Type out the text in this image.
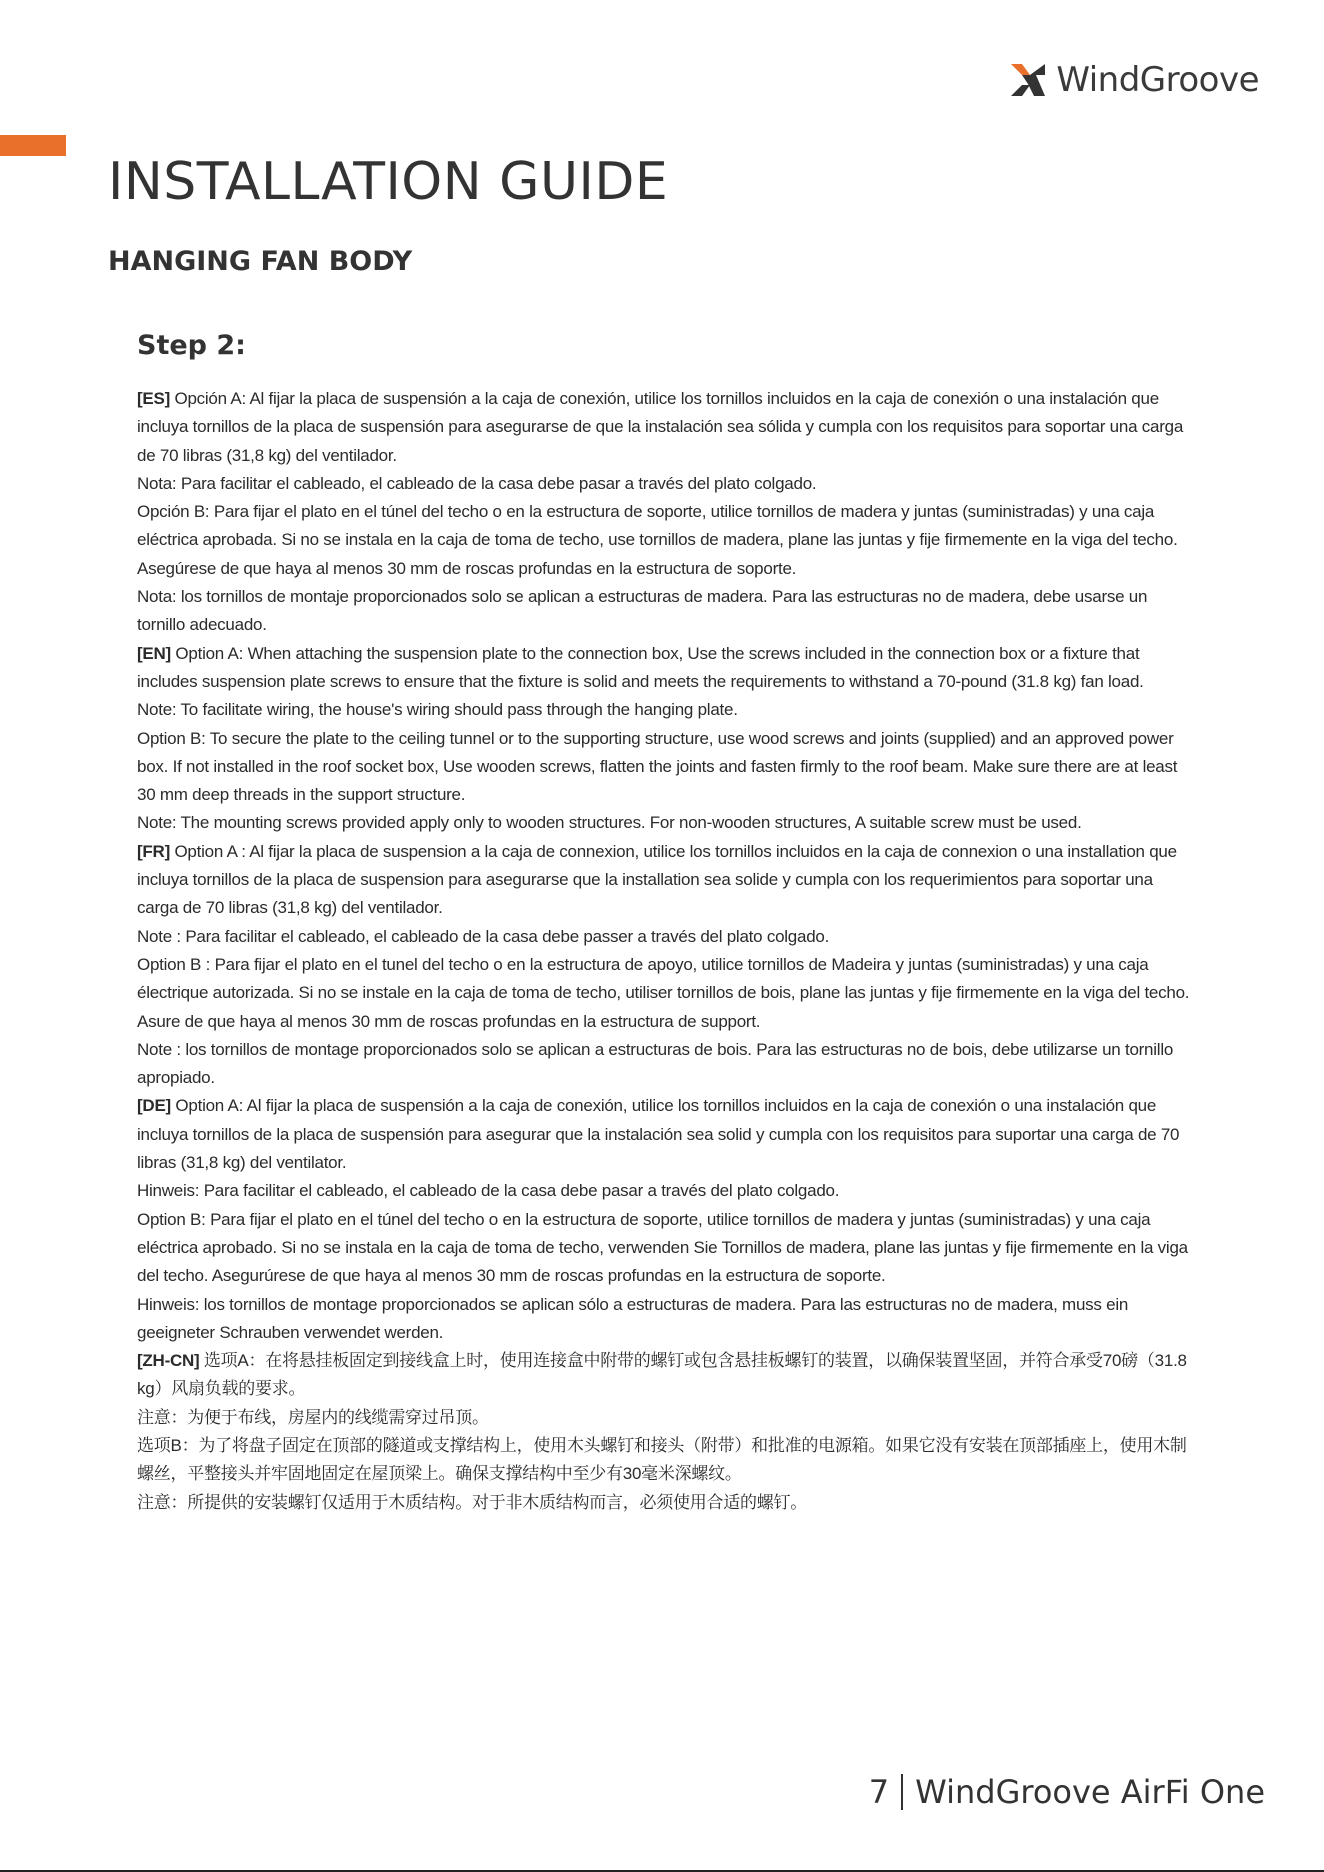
WindGroove
INSTALLATION GUIDE
HANGING FAN BODY
Step 2:

[ES] Opción A: Al fijar la placa de suspensión a la caja de conexión, utilice los tornillos incluidos en la caja de conexión o una instalación que incluya tornillos de la placa de suspensión para asegurarse de que la instalación sea sólida y cumpla con los requisitos para soportar una carga de 70 libras (31,8 kg) del ventilador.

Nota: Para facilitar el cableado, el cableado de la casa debe pasar a través del plato colgado.

Opción B: Para fijar el plato en el túnel del techo o en la estructura de soporte, utilice tornillos de madera y juntas (suministradas) y una caja eléctrica aprobada. Si no se instala en la caja de toma de techo, use tornillos de madera, plane las juntas y fije firmemente en la viga del techo. Asegúrese de que haya al menos 30 mm de roscas profundas en la estructura de soporte.

Nota: los tornillos de montaje proporcionados solo se aplican a estructuras de madera. Para las estructuras no de madera, debe usarse un tornillo adecuado.

[EN] Option A: When attaching the suspension plate to the connection box, Use the screws included in the connection box or a fixture that includes suspension plate screws to ensure that the fixture is solid and meets the requirements to withstand a 70-pound (31.8 kg) fan load.

Note: To facilitate wiring, the house's wiring should pass through the hanging plate.

Option B: To secure the plate to the ceiling tunnel or to the supporting structure, use wood screws and joints (supplied) and an approved power box. If not installed in the roof socket box, Use wooden screws, flatten the joints and fasten firmly to the roof beam. Make sure there are at least 30 mm deep threads in the support structure.

Note: The mounting screws provided apply only to wooden structures. For non-wooden structures, A suitable screw must be used.

[FR] Option A : Al fijar la placa de suspension a la caja de connexion, utilice los tornillos incluidos en la caja de connexion o una installation que incluya tornillos de la placa de suspension para asegurarse que la installation sea solide y cumpla con los requerimientos para soportar una carga de 70 libras (31,8 kg) del ventilador.

Note : Para facilitar el cableado, el cableado de la casa debe passer a través del plato colgado.

Option B : Para fijar el plato en el tunel del techo o en la estructura de apoyo, utilice tornillos de Madeira y juntas (suministradas) y una caja électrique autorizada. Si no se instale en la caja de toma de techo, utiliser tornillos de bois, plane las juntas y fije firmemente en la viga del techo. Asure de que haya al menos 30 mm de roscas profundas en la estructura de support.

Note : los tornillos de montage proporcionados solo se aplican a estructuras de bois. Para las estructuras no de bois, debe utilizarse un tornillo apropiado.

[DE] Option A: Al fijar la placa de suspensión a la caja de conexión, utilice los tornillos incluidos en la caja de conexión o una instalación que incluya tornillos de la placa de suspensión para asegurar que la instalación sea solid y cumpla con los requisitos para suportar una carga de 70 libras (31,8 kg) del ventilator.

Hinweis: Para facilitar el cableado, el cableado de la casa debe pasar a través del plato colgado.

Option B: Para fijar el plato en el túnel del techo o en la estructura de soporte, utilice tornillos de madera y juntas (suministradas) y una caja eléctrica aprobado. Si no se instala en la caja de toma de techo, verwenden Sie Tornillos de madera, plane las juntas y fije firmemente en la viga del techo. Asegurúrese de que haya al menos 30 mm de roscas profundas en la estructura de soporte.

Hinweis: los tornillos de montage proporcionados se aplican sólo a estructuras de madera. Para las estructuras no de madera, muss ein geeigneter Schrauben verwendet werden.

[ZH-CN] 选项A：在将悬挂板固定到接线盒上时，使用连接盒中附带的螺钉或包含悬挂板螺钉的装置，以确保装置坚固，并符合承受70磅（31.8 kg）风扇负载的要求。

注意：为便于布线，房屋内的线缆需穿过吊顶。

选项B：为了将盘子固定在顶部的隧道或支撑结构上，使用木头螺钉和接头（附带）和批准的电源箱。如果它没有安装在顶部插座上，使用木制螺丝，平整接头并牢固地固定在屋顶梁上。确保支撑结构中至少有30毫米深螺纹。

注意：所提供的安装螺钉仅适用于木质结构。对于非木质结构而言，必须使用合适的螺钉。

7 WindGroove AirFi One
